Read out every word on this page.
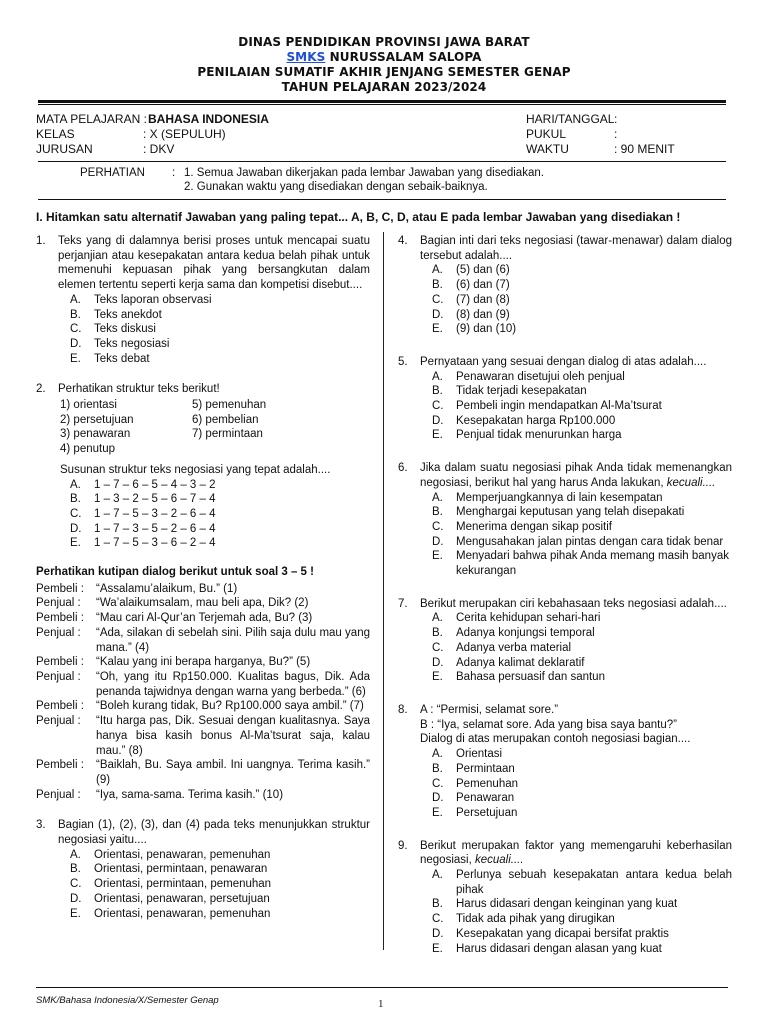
DINAS PENDIDIKAN PROVINSI JAWA BARAT
SMKS NURUSSALAM SALOPA
PENILAIAN SUMATIF AKHIR JENJANG SEMESTER GENAP
TAHUN PELAJARAN 2023/2024
MATA PELAJARAN : BAHASA INDONESIA
KELAS	: X (SEPULUH)
JURUSAN	: DKV
HARI/TANGGAL :
PUKUL	:
WAKTU	: 90 MENIT
PERHATIAN : 1. Semua Jawaban dikerjakan pada lembar Jawaban yang disediakan.
2. Gunakan waktu yang disediakan dengan sebaik-baiknya.
I. Hitamkan satu alternatif Jawaban yang paling tepat... A, B, C, D, atau E pada lembar Jawaban yang disediakan !
1. Teks yang di dalamnya berisi proses untuk mencapai suatu perjanjian atau kesepakatan antara kedua belah pihak untuk memenuhi kepuasan pihak yang bersangkutan dalam elemen tertentu seperti kerja sama dan kompetisi disebut....
A. Teks laporan observasi
B. Teks anekdot
C. Teks diskusi
D. Teks negosiasi
E. Teks debat
2. Perhatikan struktur teks berikut!
1) orientasi	5) pemenuhan
2) persetujuan	6) pembelian
3) penawaran	7) permintaan
4) penutup
Susunan struktur teks negosiasi yang tepat adalah....
A. 1 – 7 – 6 – 5 – 4 – 3 – 2
B. 1 – 3 – 2 – 5 – 6 – 7 – 4
C. 1 – 7 – 5 – 3 – 2 – 6 – 4
D. 1 – 7 – 3 – 5 – 2 – 6 – 4
E. 1 – 7 – 5 – 3 – 6 – 2 – 4
Perhatikan kutipan dialog berikut untuk soal 3 – 5 !
Pembeli : “Assalamu’alaikum, Bu.” (1)
Penjual : “Wa’alaikumsalam, mau beli apa, Dik? (2)
Pembeli : “Mau cari Al-Qur’an Terjemah ada, Bu? (3)
Penjual : “Ada, silakan di sebelah sini. Pilih saja dulu mau yang mana.” (4)
Pembeli : “Kalau yang ini berapa harganya, Bu?” (5)
Penjual : “Oh, yang itu Rp150.000. Kualitas bagus, Dik. Ada penanda tajwidnya dengan warna yang berbeda.” (6)
Pembeli : “Boleh kurang tidak, Bu? Rp100.000 saya ambil.” (7)
Penjual : “Itu harga pas, Dik. Sesuai dengan kualitasnya. Saya hanya bisa kasih bonus Al-Ma’tsurat saja, kalau mau.” (8)
Pembeli : “Baiklah, Bu. Saya ambil. Ini uangnya. Terima kasih.” (9)
Penjual : “Iya, sama-sama. Terima kasih.” (10)
3. Bagian (1), (2), (3), dan (4) pada teks menunjukkan struktur negosiasi yaitu....
A. Orientasi, penawaran, pemenuhan
B. Orientasi, permintaan, penawaran
C. Orientasi, permintaan, pemenuhan
D. Orientasi, penawaran, persetujuan
E. Orientasi, penawaran, pemenuhan
4. Bagian inti dari teks negosiasi (tawar-menawar) dalam dialog tersebut adalah....
A. (5) dan (6)
B. (6) dan (7)
C. (7) dan (8)
D. (8) dan (9)
E. (9) dan (10)
5. Pernyataan yang sesuai dengan dialog di atas adalah....
A. Penawaran disetujui oleh penjual
B. Tidak terjadi kesepakatan
C. Pembeli ingin mendapatkan Al-Ma’tsurat
D. Kesepakatan harga Rp100.000
E. Penjual tidak menurunkan harga
6. Jika dalam suatu negosiasi pihak Anda tidak memenangkan negosiasi, berikut hal yang harus Anda lakukan, kecuali....
A. Memperjuangkannya di lain kesempatan
B. Menghargai keputusan yang telah disepakati
C. Menerima dengan sikap positif
D. Mengusahakan jalan pintas dengan cara tidak benar
E. Menyadari bahwa pihak Anda memang masih banyak kekurangan
7. Berikut merupakan ciri kebahasaan teks negosiasi adalah....
A. Cerita kehidupan sehari-hari
B. Adanya konjungsi temporal
C. Adanya verba material
D. Adanya kalimat deklaratif
E. Bahasa persuasif dan santun
8. A : “Permisi, selamat sore.”
B : “Iya, selamat sore. Ada yang bisa saya bantu?”
Dialog di atas merupakan contoh negosiasi bagian....
A. Orientasi
B. Permintaan
C. Pemenuhan
D. Penawaran
E. Persetujuan
9. Berikut merupakan faktor yang memengaruhi keberhasilan negosiasi, kecuali....
A. Perlunya sebuah kesepakatan antara kedua belah pihak
B. Harus didasari dengan keinginan yang kuat
C. Tidak ada pihak yang dirugikan
D. Kesepakatan yang dicapai bersifat praktis
E. Harus didasari dengan alasan yang kuat
SMK/Bahasa Indonesia/X/Semester Genap	1
